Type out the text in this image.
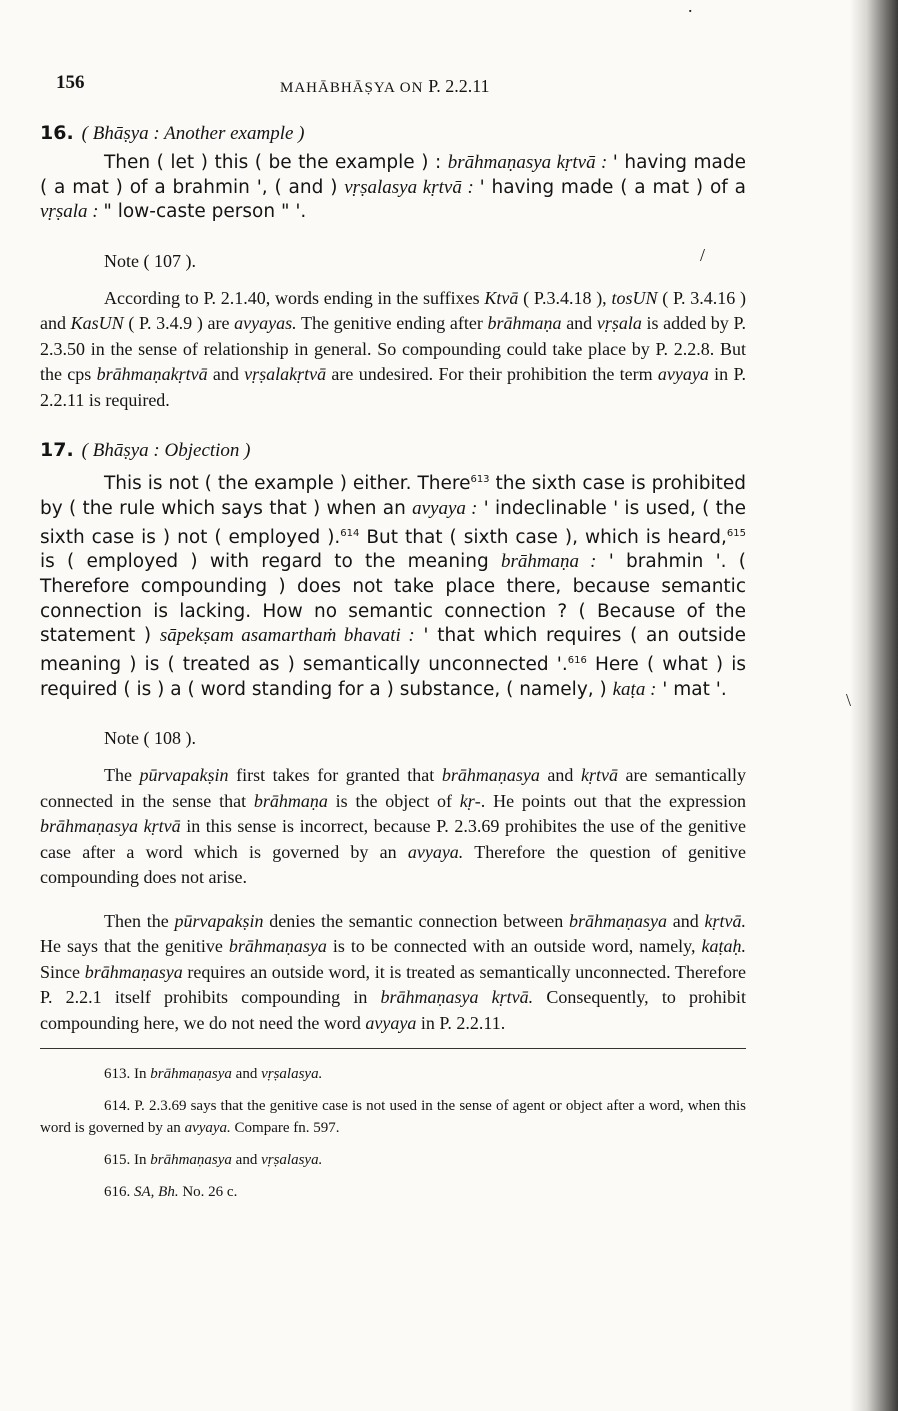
.
\
156	MAHĀBHĀṢYA ON P. 2.2.11
16. ( Bhāṣya : Another example )

Then ( let ) this ( be the example ) : brāhmaṇasya kṛtvā : ' having made ( a mat ) of a brahmin ', ( and ) vṛṣalasya kṛtvā : ' having made ( a mat ) of a vṛṣala : " low-caste person " '.

Note ( 107 ).	/

According to P. 2.1.40, words ending in the suffixes Ktvā ( P.3.4.18 ), tosUN ( P. 3.4.16 ) and KasUN ( P. 3.4.9 ) are avyayas. The genitive ending after brāhmaṇa and vṛṣala is added by P. 2.3.50 in the sense of relationship in general. So compounding could take place by P. 2.2.8. But the cps brāhmaṇakṛtvā and vṛṣalakṛtvā are undesired. For their prohibition the term avyaya in P. 2.2.11 is required.

17. ( Bhāṣya : Objection )

This is not ( the example ) either. There$^{613}$ the sixth case is prohibited by ( the rule which says that ) when an avyaya : ' indeclinable ' is used, ( the sixth case is ) not ( employed ).$^{614}$ But that ( sixth case ), which is heard,$^{615}$ is ( employed ) with regard to the meaning brāhmaṇa : ' brahmin '. ( Therefore compounding ) does not take place there, because semantic connection is lacking. How no semantic connection ? ( Because of the statement ) sāpekṣam asamarthaṁ bhavati : ' that which requires ( an outside meaning ) is ( treated as ) semantically unconnected '.$^{616}$ Here ( what ) is required ( is ) a ( word standing for a ) substance, ( namely, ) kaṭa : ' mat '.

Note ( 108 ).

The pūrvapakṣin first takes for granted that brāhmaṇasya and kṛtvā are semantically connected in the sense that brāhmaṇa is the object of kṛ-. He points out that the expression brāhmaṇasya kṛtvā in this sense is incorrect, because P. 2.3.69 prohibites the use of the genitive case after a word which is governed by an avyaya. Therefore the question of genitive compounding does not arise.

Then the pūrvapakṣin denies the semantic connection between brāhmaṇasya and kṛtvā. He says that the genitive brāhmaṇasya is to be connected with an outside word, namely, kaṭaḥ. Since brāhmaṇasya requires an outside word, it is treated as semantically unconnected. Therefore P. 2.2.1 itself prohibits compounding in brāhmaṇasya kṛtvā. Consequently, to prohibit compounding here, we do not need the word avyaya in P. 2.2.11.

613. In brāhmaṇasya and vṛṣalasya.

614. P. 2.3.69 says that the genitive case is not used in the sense of agent or object after a word, when this word is governed by an avyaya. Compare fn. 597.

615. In brāhmaṇasya and vṛṣalasya.

616. SA, Bh. No. 26 c.
